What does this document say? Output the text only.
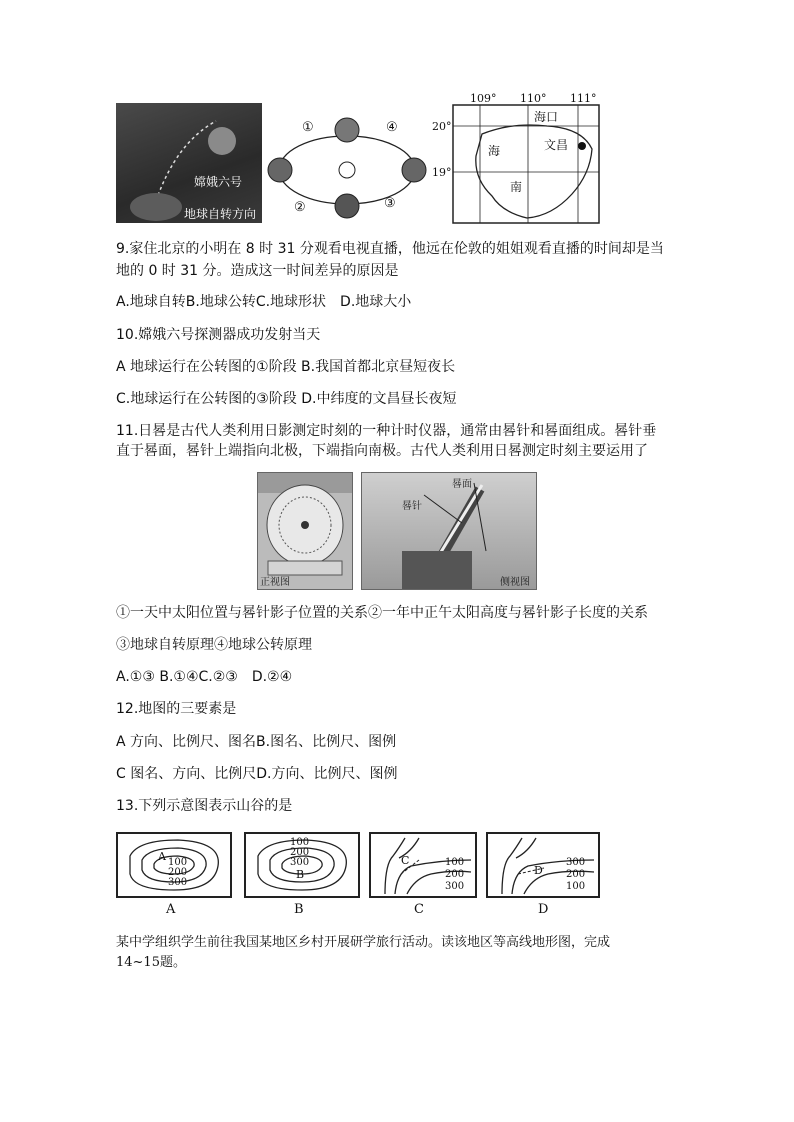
嫦娥六号
地球自转方向
①	④
②	③
109° 110° 111°
20°
19°
海口
文昌
海
南
9.家住北京的小明在 8 时 31 分观看电视直播，他远在伦敦的姐姐观看直播的时间却是当
地的 0 时 31 分。造成这一时间差异的原因是
A.地球自转B.地球公转C.地球形状　D.地球大小
10.嫦娥六号探测器成功发射当天
A 地球运行在公转图的①阶段 B.我国首都北京昼短夜长
C.地球运行在公转图的③阶段 D.中纬度的文昌昼长夜短
11.日晷是古代人类利用日影测定时刻的一种计时仪器，通常由晷针和晷面组成。晷针垂
直于晷面，晷针上端指向北极，下端指向南极。古代人类利用日晷测定时刻主要运用了
正视图
晷面
晷针
侧视图
①一天中太阳位置与晷针影子位置的关系②一年中正午太阳高度与晷针影子长度的关系
③地球自转原理④地球公转原理
A.①③ B.①④C.②③　D.②④
12.地图的三要素是
A 方向、比例尺、图名B.图名、比例尺、图例
C 图名、方向、比例尺D.方向、比例尺、图例
13.下列示意图表示山谷的是
A 100
200
300
A
100
200
300
B
B
C	100
200
300
C
D
300
200
100
D
某中学组织学生前往我国某地区乡村开展研学旅行活动。读该地区等高线地形图，完成
14~15题。
